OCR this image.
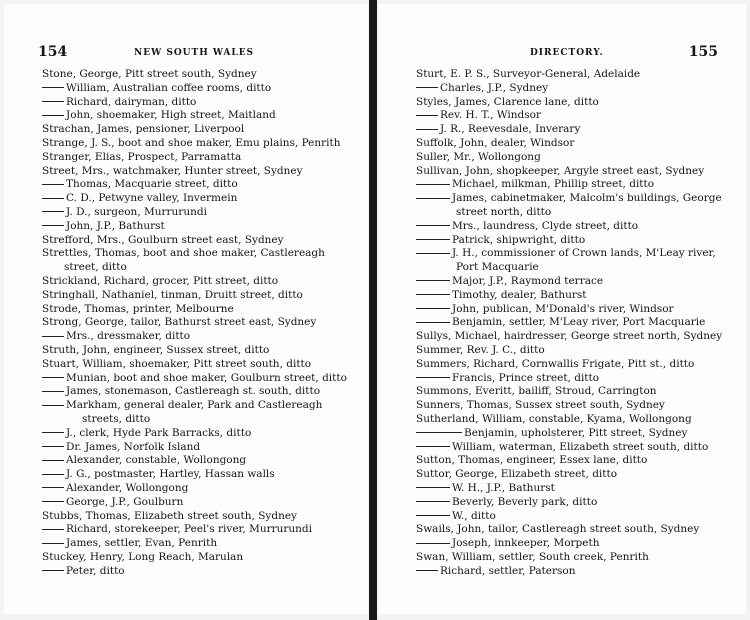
154	NEW SOUTH WALES
Stone, George, Pitt street south, Sydney
William, Australian coffee rooms, ditto
Richard, dairyman, ditto
John, shoemaker, High street, Maitland
Strachan, James, pensioner, Liverpool
Strange, J. S., boot and shoe maker, Emu plains, Penrith
Stranger, Elias, Prospect, Parramatta
Street, Mrs., watchmaker, Hunter street, Sydney
Thomas, Macquarie street, ditto
C. D., Petwyne valley, Invermein
J. D., surgeon, Murrurundi
John, J.P., Bathurst
Strefford, Mrs., Goulburn street east, Sydney
Strettles, Thomas, boot and shoe maker, Castlereagh street, ditto
Strickland, Richard, grocer, Pitt street, ditto
Stringhall, Nathaniel, tinman, Druitt street, ditto
Strode, Thomas, printer, Melbourne
Strong, George, tailor, Bathurst street east, Sydney
Mrs., dressmaker, ditto
Struth, John, engineer, Sussex street, ditto
Stuart, William, shoemaker, Pitt street south, ditto
Munian, boot and shoe maker, Goulburn street, ditto
James, stonemason, Castlereagh st. south, ditto
Markham, general dealer, Park and Castlereagh streets, ditto
J., clerk, Hyde Park Barracks, ditto
Dr. James, Norfolk Island
Alexander, constable, Wollongong
J. G., postmaster, Hartley, Hassan walls
Alexander, Wollongong
George, J.P., Goulburn
Stubbs, Thomas, Elizabeth street south, Sydney
Richard, storekeeper, Peel's river, Murrurundi
James, settler, Evan, Penrith
Stuckey, Henry, Long Reach, Marulan
Peter, ditto
DIRECTORY.	155
Sturt, E. P. S., Surveyor-General, Adelaide
Charles, J.P., Sydney
Styles, James, Clarence lane, ditto
Rev. H. T., Windsor
J. R., Reevesdale, Inverary
Suffolk, John, dealer, Windsor
Suller, Mr., Wollongong
Sullivan, John, shopkeeper, Argyle street east, Sydney
Michael, milkman, Phillip street, ditto
James, cabinetmaker, Malcolm's buildings, George street north, ditto
Mrs., laundress, Clyde street, ditto
Patrick, shipwright, ditto
J. H., commissioner of Crown lands, M'Leay river, Port Macquarie
Major, J.P., Raymond terrace
Timothy, dealer, Bathurst
John, publican, M'Donald's river, Windsor
Benjamin, settler, M'Leay river, Port Macquarie
Sullys, Michael, hairdresser, George street north, Sydney
Summer, Rev. J. C., ditto
Summers, Richard, Cornwallis Frigate, Pitt st., ditto
Francis, Prince street, ditto
Summons, Everitt, bailiff, Stroud, Carrington
Sunners, Thomas, Sussex street south, Sydney
Sutherland, William, constable, Kyama, Wollongong
Benjamin, upholsterer, Pitt street, Sydney
William, waterman, Elizabeth street south, ditto
Sutton, Thomas, engineer, Essex lane, ditto
Suttor, George, Elizabeth street, ditto
W. H., J.P., Bathurst
Beverly, Beverly park, ditto
W., ditto
Swails, John, tailor, Castlereagh street south, Sydney
Joseph, innkeeper, Morpeth
Swan, William, settler, South creek, Penrith
Richard, settler, Paterson
